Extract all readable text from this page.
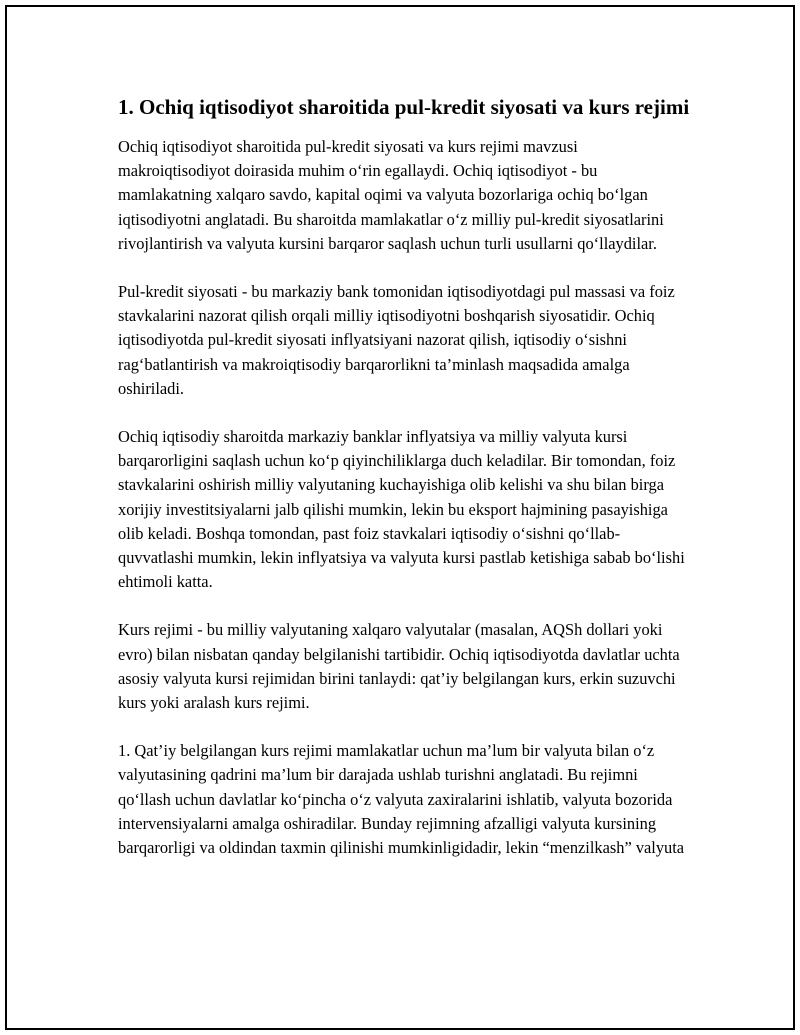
1. Ochiq iqtisodiyot sharoitida pul-kredit siyosati va kurs rejimi

Ochiq iqtisodiyot sharoitida pul-kredit siyosati va kurs rejimi mavzusi makroiqtisodiyot doirasida muhim o‘rin egallaydi. Ochiq iqtisodiyot - bu mamlakatning xalqaro savdo, kapital oqimi va valyuta bozorlariga ochiq bo‘lgan iqtisodiyotni anglatadi. Bu sharoitda mamlakatlar o‘z milliy pul-kredit siyosatlarini rivojlantirish va valyuta kursini barqaror saqlash uchun turli usullarni qo‘llaydilar.

Pul-kredit siyosati - bu markaziy bank tomonidan iqtisodiyotdagi pul massasi va foiz stavkalarini nazorat qilish orqali milliy iqtisodiyotni boshqarish siyosatidir. Ochiq iqtisodiyotda pul-kredit siyosati inflyatsiyani nazorat qilish, iqtisodiy o‘sishni rag‘batlantirish va makroiqtisodiy barqarorlikni ta’minlash maqsadida amalga oshiriladi.

Ochiq iqtisodiy sharoitda markaziy banklar inflyatsiya va milliy valyuta kursi barqarorligini saqlash uchun ko‘p qiyinchiliklarga duch keladilar. Bir tomondan, foiz stavkalarini oshirish milliy valyutaning kuchayishiga olib kelishi va shu bilan birga xorijiy investitsiyalarni jalb qilishi mumkin, lekin bu eksport hajmining pasayishiga olib keladi. Boshqa tomondan, past foiz stavkalari iqtisodiy o‘sishni qo‘llab-quvvatlashi mumkin, lekin inflyatsiya va valyuta kursi pastlab ketishiga sabab bo‘lishi ehtimoli katta.

Kurs rejimi - bu milliy valyutaning xalqaro valyutalar (masalan, AQSh dollari yoki evro) bilan nisbatan qanday belgilanishi tartibidir. Ochiq iqtisodiyotda davlatlar uchta asosiy valyuta kursi rejimidan birini tanlaydi: qat’iy belgilangan kurs, erkin suzuvchi kurs yoki aralash kurs rejimi.

1. Qat’iy belgilangan kurs rejimi mamlakatlar uchun ma’lum bir valyuta bilan o‘z valyutasining qadrini ma’lum bir darajada ushlab turishni anglatadi. Bu rejimni qo‘llash uchun davlatlar ko‘pincha o‘z valyuta zaxiralarini ishlatib, valyuta bozorida intervensiyalarni amalga oshiradilar. Bunday rejimning afzalligi valyuta kursining barqarorligi va oldindan taxmin qilinishi mumkinligidadir, lekin “menzilkash” valyuta
